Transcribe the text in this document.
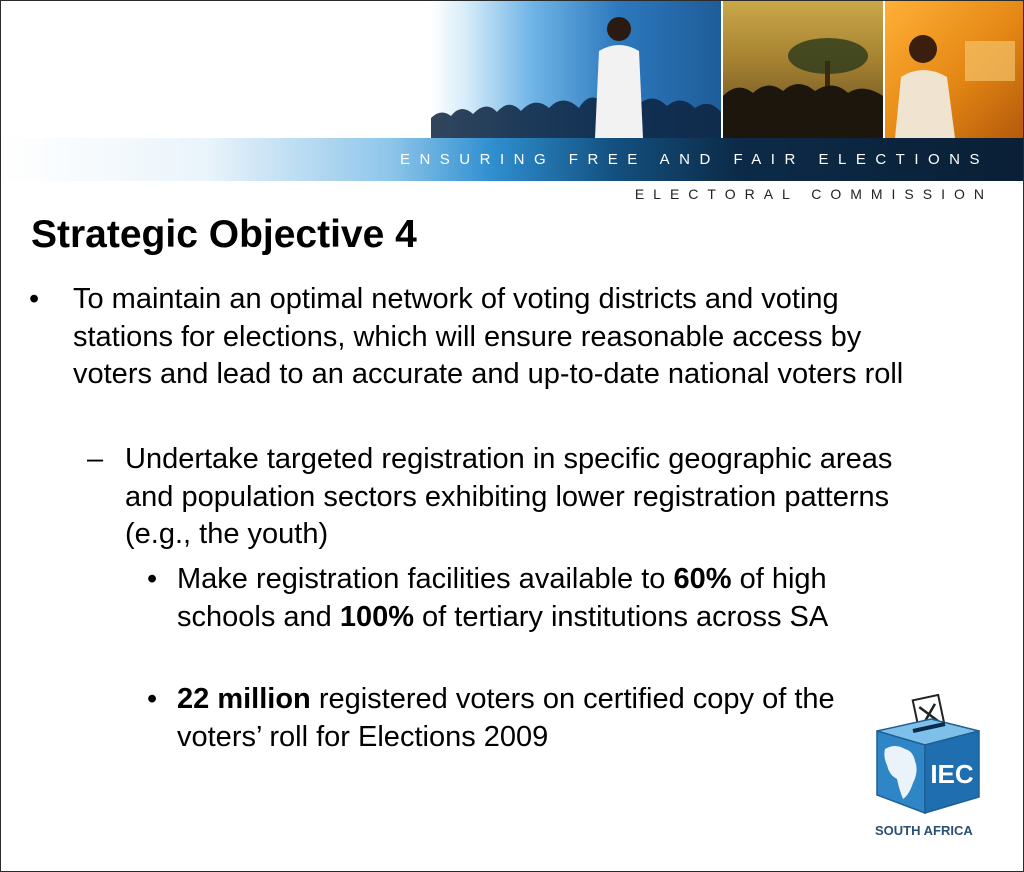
ENSURING FREE AND FAIR ELECTIONS
ELECTORAL COMMISSION
Strategic Objective 4
• To maintain an optimal network of voting districts and voting stations for elections, which will ensure reasonable access by voters and lead to an accurate and up-to-date national voters roll
– Undertake targeted registration in specific geographic areas and population sectors exhibiting lower registration patterns (e.g., the youth)
• Make registration facilities available to 60% of high schools and 100% of tertiary institutions across SA
• 22 million registered voters on certified copy of the voters’ roll for Elections 2009
IEC
SOUTH AFRICA
